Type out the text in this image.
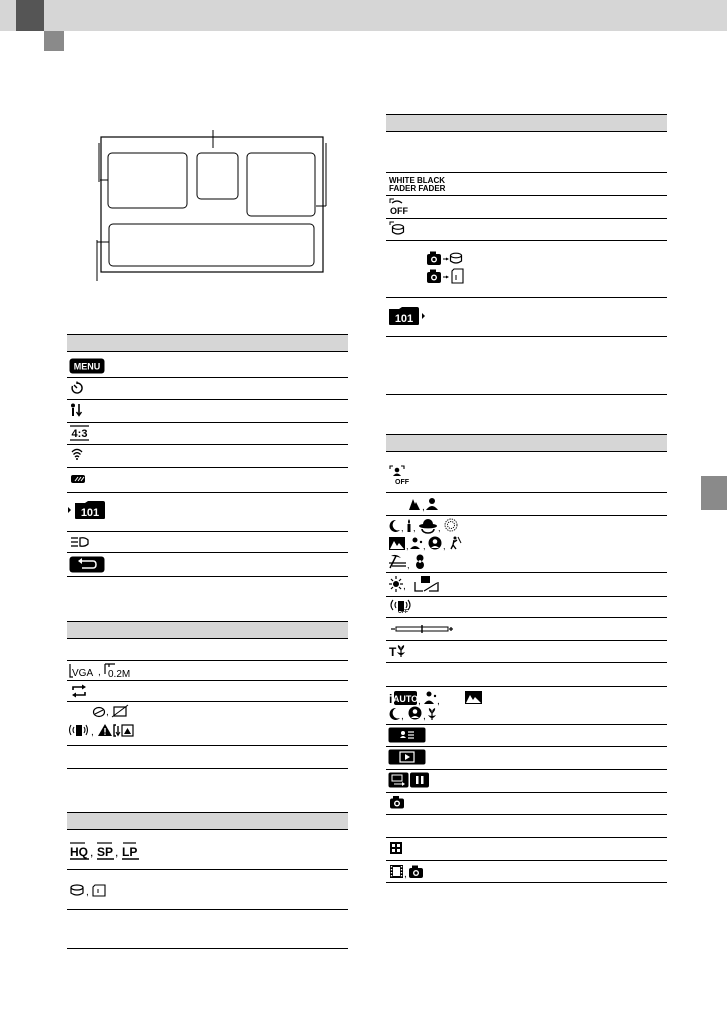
MENU
4:3
101
VGA , 0.2M
,
,
HQ , SP , LP
,
WHITE BLACK
FADER FADER
OFF
101
OFF
,
, , ,
, , ,
,
,
OFF
T
i AUTO , ,
, ,
,
